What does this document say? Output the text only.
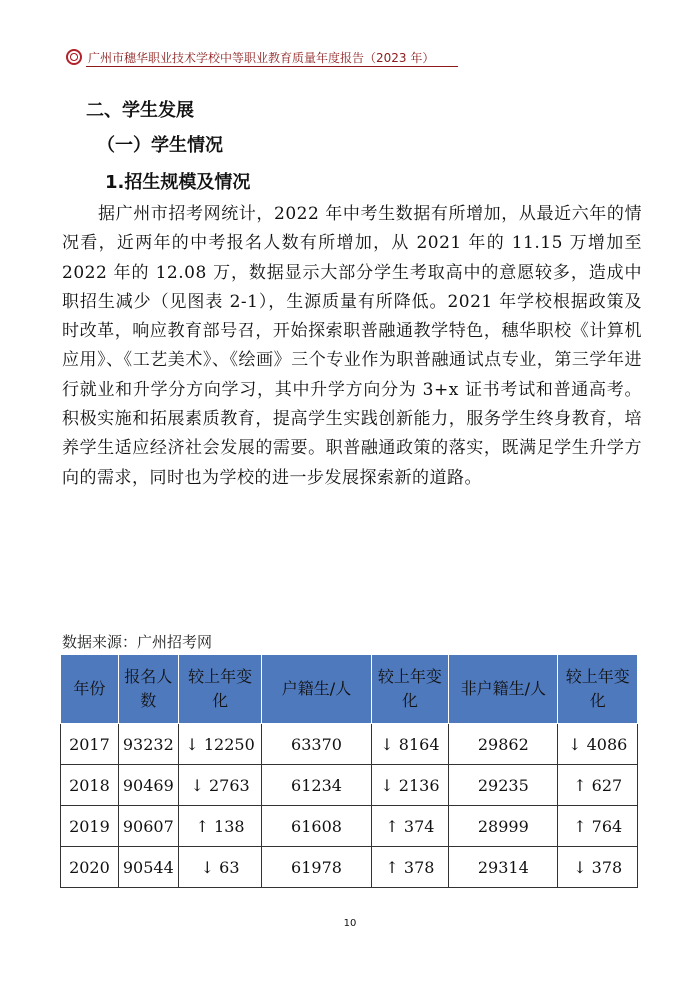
广州市穗华职业技术学校中等职业教育质量年度报告（2023 年）
二、学生发展
（一）学生情况
1.招生规模及情况
据广州市招考网统计，2022 年中考生数据有所增加，从最近六年的情况看，近两年的中考报名人数有所增加，从 2021 年的 11.15 万增加至 2022 年的 12.08 万，数据显示大部分学生考取高中的意愿较多，造成中职招生减少（见图表 2-1），生源质量有所降低。2021 年学校根据政策及时改革，响应教育部号召，开始探索职普融通教学特色，穗华职校《计算机应用》、《工艺美术》、《绘画》三个专业作为职普融通试点专业，第三学年进行就业和升学分方向学习，其中升学方向分为 3+x 证书考试和普通高考。积极实施和拓展素质教育，提高学生实践创新能力，服务学生终身教育，培养学生适应经济社会发展的需要。职普融通政策的落实，既满足学生升学方向的需求，同时也为学校的进一步发展探索新的道路。
数据来源：广州招考网
年份	报名人数	较上年变化	户籍生/人	较上年变化	非户籍生/人	较上年变化
2017	93232	↓ 12250	63370	↓ 8164	29862	↓ 4086
2018	90469	↓ 2763	61234	↓ 2136	29235	↑ 627
2019	90607	↑ 138	61608	↑ 374	28999	↑ 764
2020	90544	↓ 63	61978	↑ 378	29314	↓ 378
10
